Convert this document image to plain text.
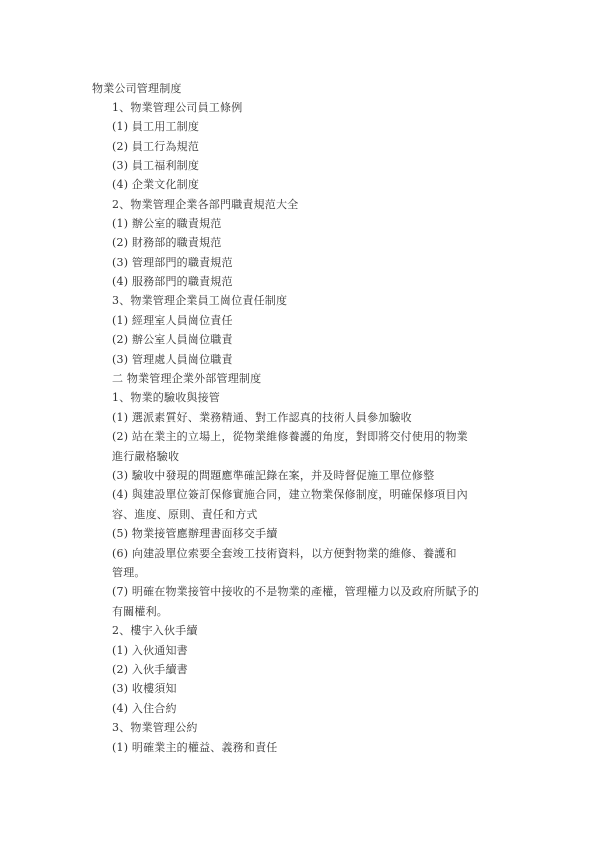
物業公司管理制度
1、物業管理公司員工條例
(1) 員工用工制度
(2) 員工行為規范
(3) 員工福利制度
(4) 企業文化制度
2、物業管理企業各部門職責規范大全
(1) 辦公室的職責規范
(2) 財務部的職責規范
(3) 管理部門的職責規范
(4) 服務部門的職責規范
3、物業管理企業員工崗位責任制度
(1) 經理室人員崗位責任
(2) 辦公室人員崗位職責
(3) 管理處人員崗位職責
二 物業管理企業外部管理制度
1、物業的驗收與接管
(1) 選派素質好、業務精通、對工作認真的技術人員參加驗收
(2) 站在業主的立場上，從物業維修養護的角度，對即將交付使用的物業
進行嚴格驗收
(3) 驗收中發現的問題應準確記錄在案，并及時督促施工單位修整
(4) 與建設單位簽訂保修實施合同，建立物業保修制度，明確保修項目內
容、進度、原則、責任和方式
(5) 物業接管應辦理書面移交手續
(6) 向建設單位索要全套竣工技術資料，以方便對物業的維修、養護和
管理。
(7) 明確在物業接管中接收的不是物業的產權，管理權力以及政府所賦予的
有關權利。
2、樓宇入伙手續
(1) 入伙通知書
(2) 入伙手續書
(3) 收樓須知
(4) 入住合約
3、物業管理公約
(1) 明確業主的權益、義務和責任
